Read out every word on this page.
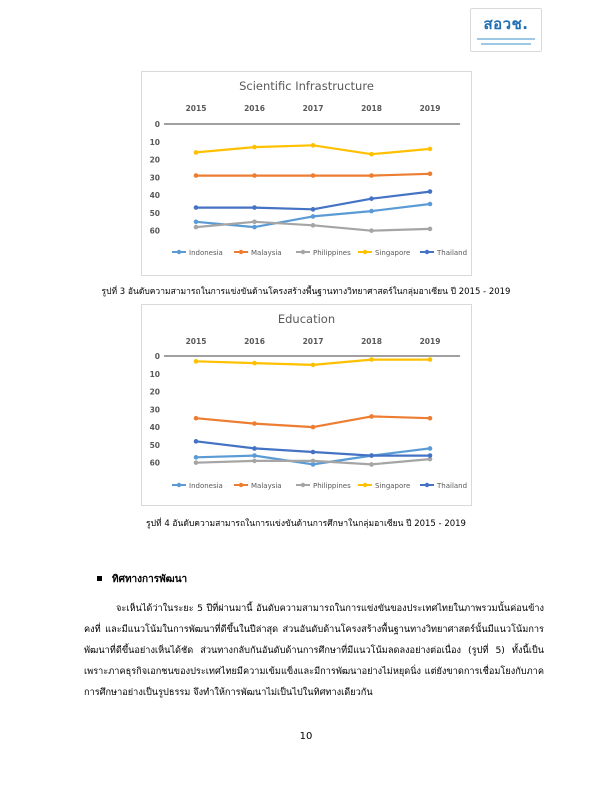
สอวช.
Scientific Infrastructure
2015	2016	2017	2018	2019
0
10
20
30
40
50
60
Indonesia	Malaysia	Philippines	Singapore	Thailand
รูปที่ 3 อันดับความสามารถในการแข่งขันด้านโครงสร้างพื้นฐานทางวิทยาศาสตร์ในกลุ่มอาเซียน ปี 2015 - 2019
Education
2015	2016	2017	2018	2019
0
10
20
30
40
50
60
Indonesia	Malaysia	Philippines	Singapore	Thailand
รูปที่ 4 อันดับความสามารถในการแข่งขันด้านการศึกษาในกลุ่มอาเซียน ปี 2015 - 2019
ทิศทางการพัฒนา
จะเห็นได้ว่าในระยะ 5 ปีที่ผ่านมานี้ อันดับความสามารถในการแข่งขันของประเทศไทยในภาพรวมนั้นค่อนข้างคงที่ และมีแนวโน้มในการพัฒนาที่ดีขึ้นในปีล่าสุด ส่วนอันดับด้านโครงสร้างพื้นฐานทางวิทยาศาสตร์นั้นมีแนวโน้มการพัฒนาที่ดีขึ้นอย่างเห็นได้ชัด ส่วนทางกลับกันอันดับด้านการศึกษาที่มีแนวโน้มลดลงอย่างต่อเนื่อง (รูปที่ 5) ทั้งนี้เป็นเพราะภาคธุรกิจเอกชนของประเทศไทยมีความเข้มแข็งและมีการพัฒนาอย่างไม่หยุดนิ่ง แต่ยังขาดการเชื่อมโยงกับภาคการศึกษาอย่างเป็นรูปธรรม จึงทำให้การพัฒนาไม่เป็นไปในทิศทางเดียวกัน
10
